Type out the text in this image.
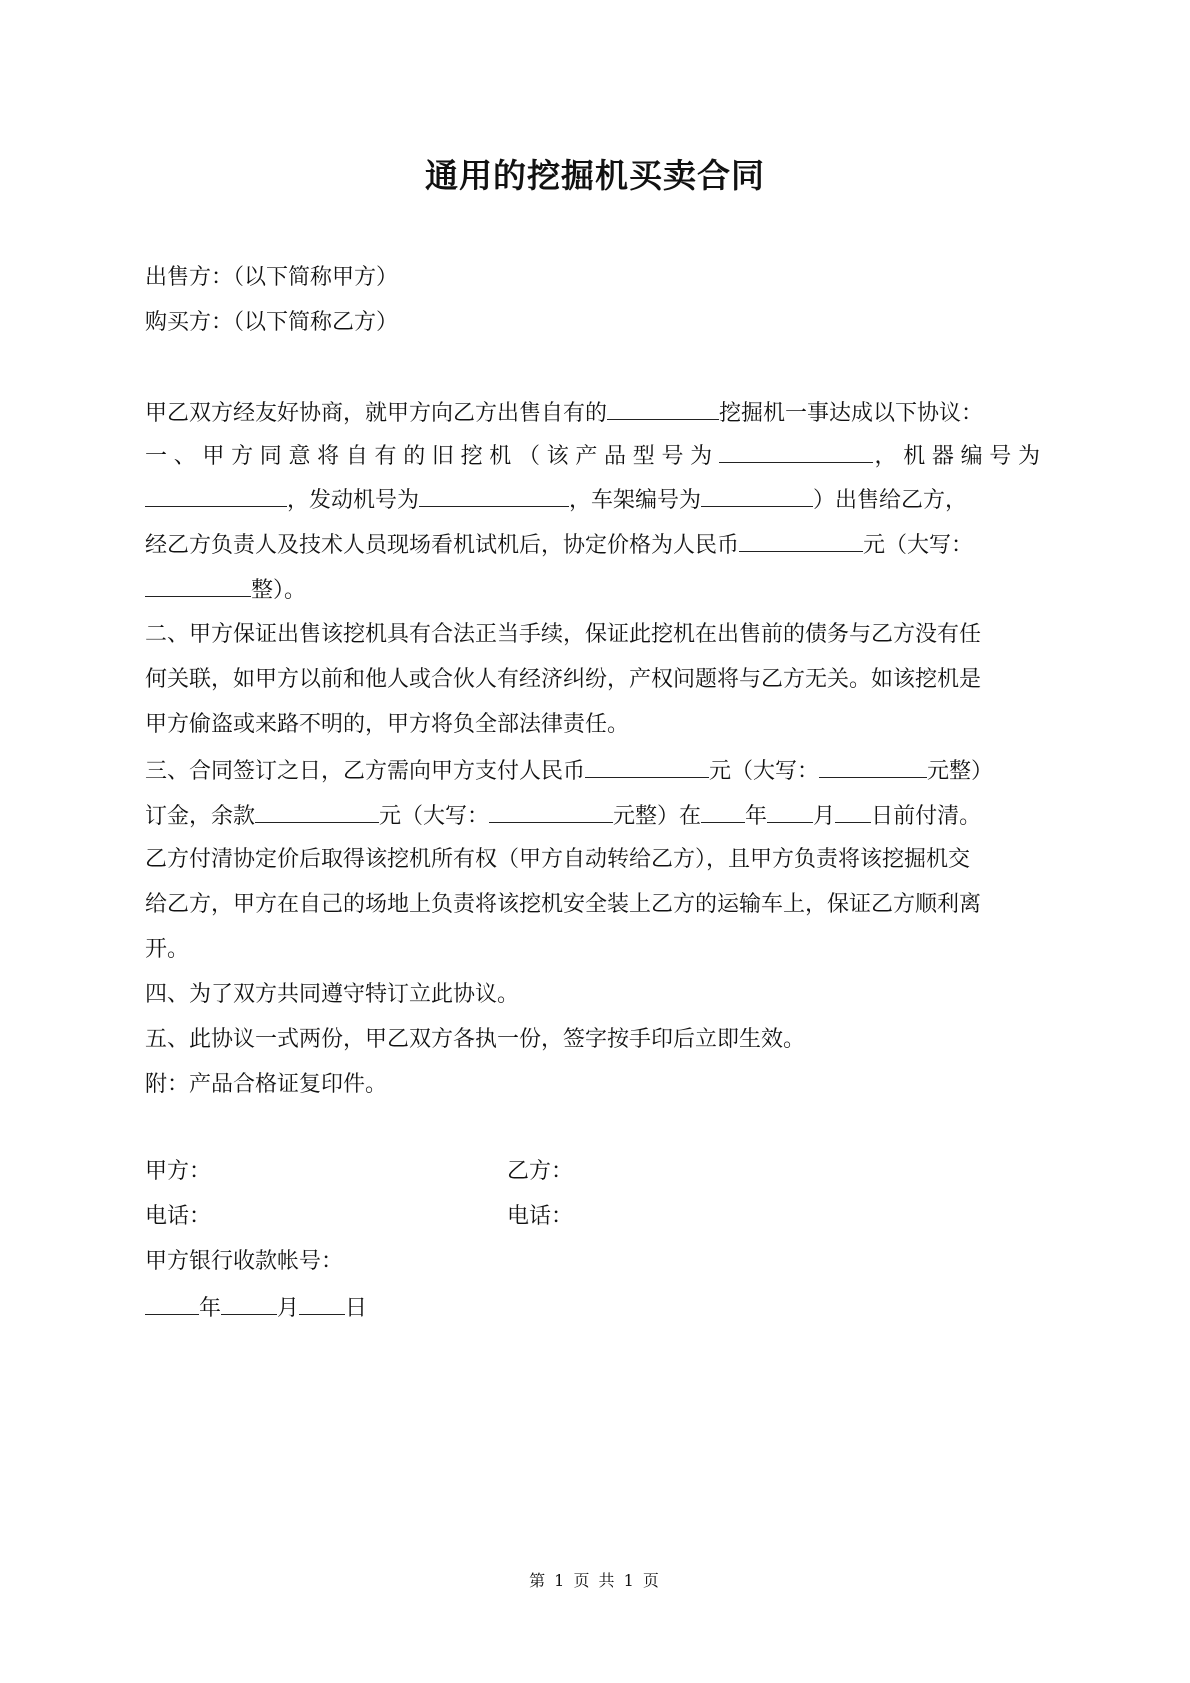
通用的挖掘机买卖合同
出售方：（以下简称甲方）
购买方：（以下简称乙方）
甲乙双方经友好协商，就甲方向乙方出售自有的	挖掘机一事达成以下协议：
一、甲方同意将自有的旧挖机（该产品型号为	，机器编号为
，发动机号为	，车架编号为	）出售给乙方，
经乙方负责人及技术人员现场看机试机后，协定价格为人民币	元（大写：
整）。
二、甲方保证出售该挖机具有合法正当手续，保证此挖机在出售前的债务与乙方没有任
何关联，如甲方以前和他人或合伙人有经济纠纷，产权问题将与乙方无关。如该挖机是
甲方偷盗或来路不明的，甲方将负全部法律责任。
三、合同签订之日，乙方需向甲方支付人民币	元（大写：	元整）
订金，余款	元（大写：	元整）在 年 月 日前付清。
乙方付清协定价后取得该挖机所有权（甲方自动转给乙方），且甲方负责将该挖掘机交
给乙方，甲方在自己的场地上负责将该挖机安全装上乙方的运输车上，保证乙方顺利离
开。
四、为了双方共同遵守特订立此协议。
五、此协议一式两份，甲乙双方各执一份，签字按手印后立即生效。
附：产品合格证复印件。
甲方：	乙方：
电话：	电话：
甲方银行收款帐号：
年	月 日
第 1 页 共 1 页
